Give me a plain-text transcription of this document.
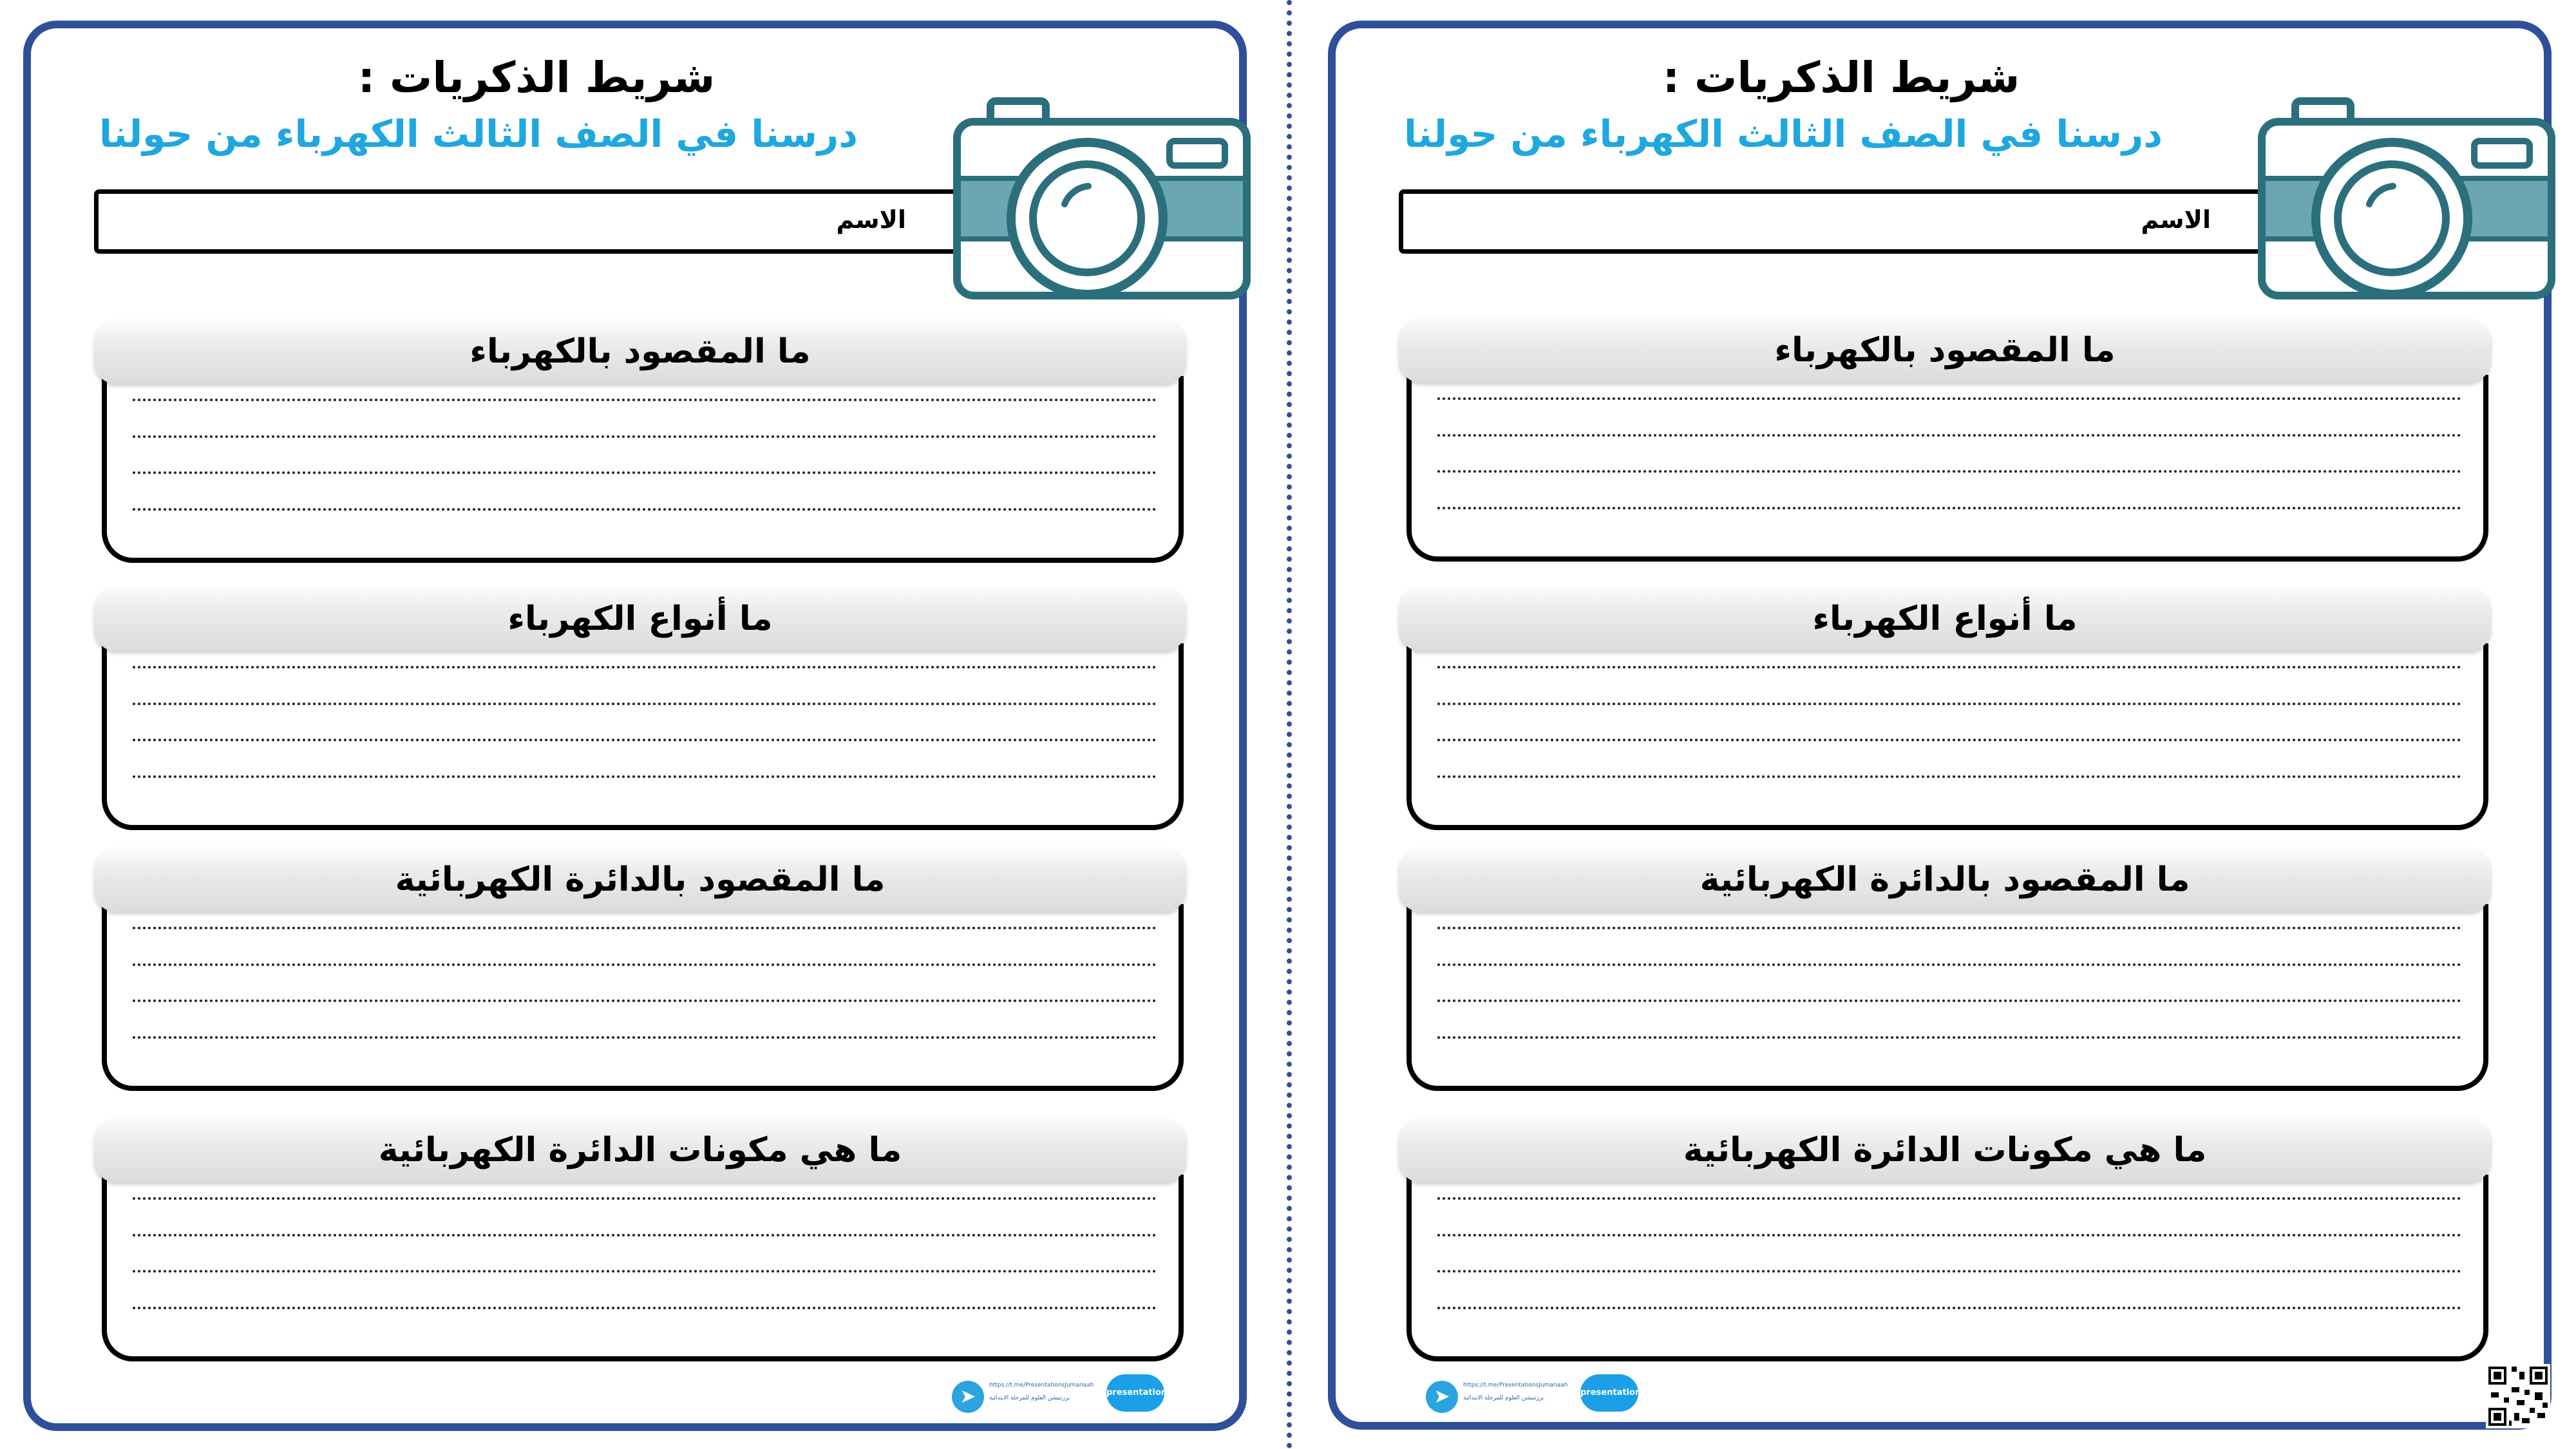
شريط الذكريات :
درسنا في الصف الثالث الكهرباء من حولنا
الاسم
ما المقصود بالكهرباء
ما أنواع الكهرباء
ما المقصود بالدائرة الكهربائية
ما هي مكونات الدائرة الكهربائية
➤	https://t.me/PresentationsJumanaah
برزنتيشن العلوم للمرحلة الابتدائية
presentation
شريط الذكريات :
درسنا في الصف الثالث الكهرباء من حولنا
الاسم
ما المقصود بالكهرباء
ما أنواع الكهرباء
ما المقصود بالدائرة الكهربائية
ما هي مكونات الدائرة الكهربائية
➤	https://t.me/PresentationsJumanaah
برزنتيشن العلوم للمرحلة الابتدائية
presentation
